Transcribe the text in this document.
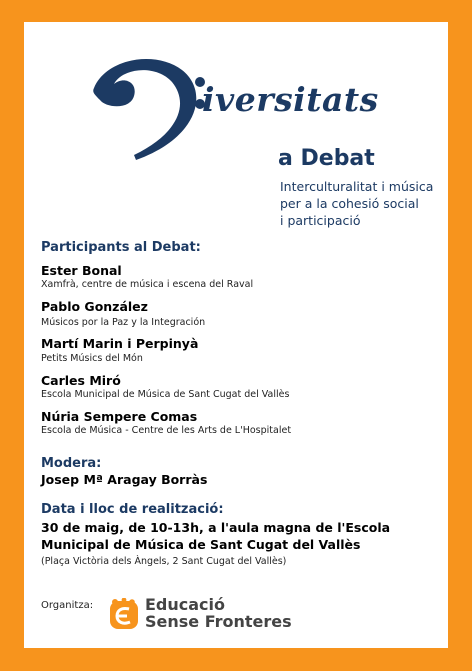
iversitats
a Debat
Interculturalitat i música
per a la cohesió social
i participació
Participants al Debat:
Ester Bonal
Xamfrà, centre de música i escena del Raval
Pablo González
Músicos por la Paz y la Integración
Martí Marin i Perpinyà
Petits Músics del Món
Carles Miró
Escola Municipal de Música de Sant Cugat del Vallès
Núria Sempere Comas
Escola de Música - Centre de les Arts de L'Hospitalet
Modera:
Josep Mª Aragay Borràs
Data i lloc de realització:
30 de maig, de 10-13h, a l'aula magna de l'Escola
Municipal de Música de Sant Cugat del Vallès
(Plaça Victòria dels Àngels, 2 Sant Cugat del Vallès)
Organitza:	Educació
Sense Fronteres
